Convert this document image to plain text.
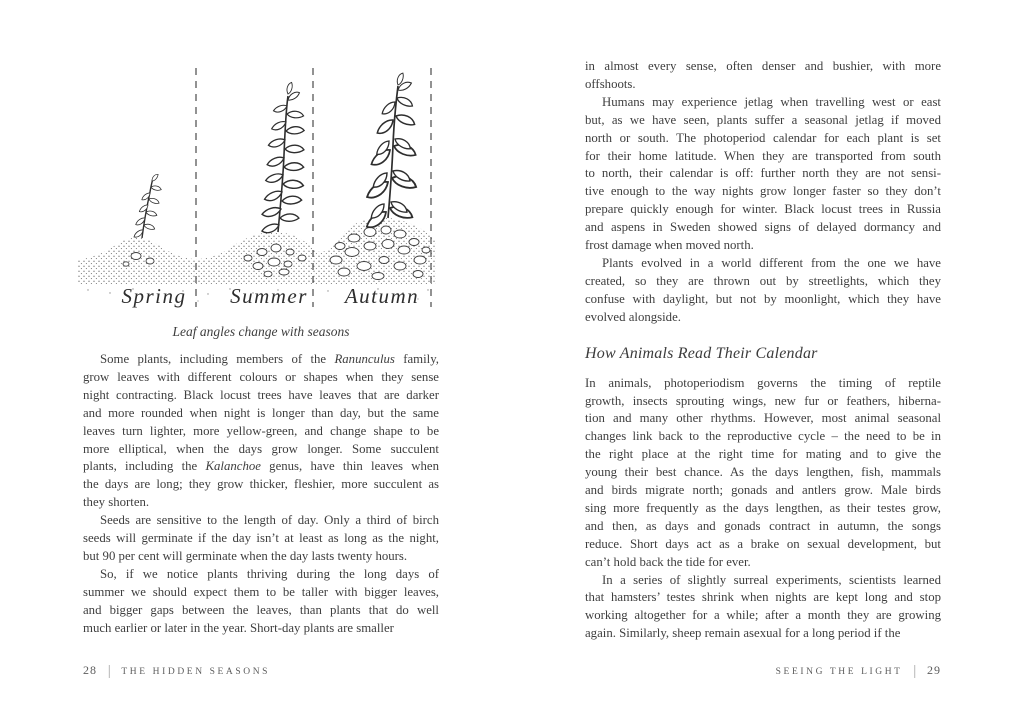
Spring Summer Autumn
Leaf angles change with seasons
Some plants, including members of the Ranunculus family,
grow leaves with different colours or shapes when they sense
night contracting. Black locust trees have leaves that are darker
and more rounded when night is longer than day, but the same
leaves turn lighter, more yellow-green, and change shape to be
more elliptical, when the days grow longer. Some succulent
plants, including the Kalanchoe genus, have thin leaves when
the days are long; they grow thicker, fleshier, more succulent as
they shorten.
Seeds are sensitive to the length of day. Only a third of birch
seeds will germinate if the day isn’t at least as long as the night,
but 90 per cent will germinate when the day lasts twenty hours.
So, if we notice plants thriving during the long days of
summer we should expect them to be taller with bigger leaves,
and bigger gaps between the leaves, than plants that do well
much earlier or later in the year. Short-day plants are smaller
28 | THE HIDDEN SEASONS
in almost every sense, often denser and bushier, with more
offshoots.
Humans may experience jetlag when travelling west or east
but, as we have seen, plants suffer a seasonal jetlag if moved
north or south. The photoperiod calendar for each plant is set
for their home latitude. When they are transported from south
to north, their calendar is off: further north they are not sensi-
tive enough to the way nights grow longer faster so they don’t
prepare quickly enough for winter. Black locust trees in Russia
and aspens in Sweden showed signs of delayed dormancy and
frost damage when moved north.
Plants evolved in a world different from the one we have
created, so they are thrown out by streetlights, which they
confuse with daylight, but not by moonlight, which they have
evolved alongside.
How Animals Read Their Calendar
In animals, photoperiodism governs the timing of reptile
growth, insects sprouting wings, new fur or feathers, hiberna-
tion and many other rhythms. However, most animal seasonal
changes link back to the reproductive cycle – the need to be in
the right place at the right time for mating and to give the
young their best chance. As the days lengthen, fish, mammals
and birds migrate north; gonads and antlers grow. Male birds
sing more frequently as the days lengthen, as their testes grow,
and then, as days and gonads contract in autumn, the songs
reduce. Short days act as a brake on sexual development, but
can’t hold back the tide for ever.
In a series of slightly surreal experiments, scientists learned
that hamsters’ testes shrink when nights are kept long and stop
working altogether for a while; after a month they are growing
again. Similarly, sheep remain asexual for a long period if the
SEEING THE LIGHT | 29
